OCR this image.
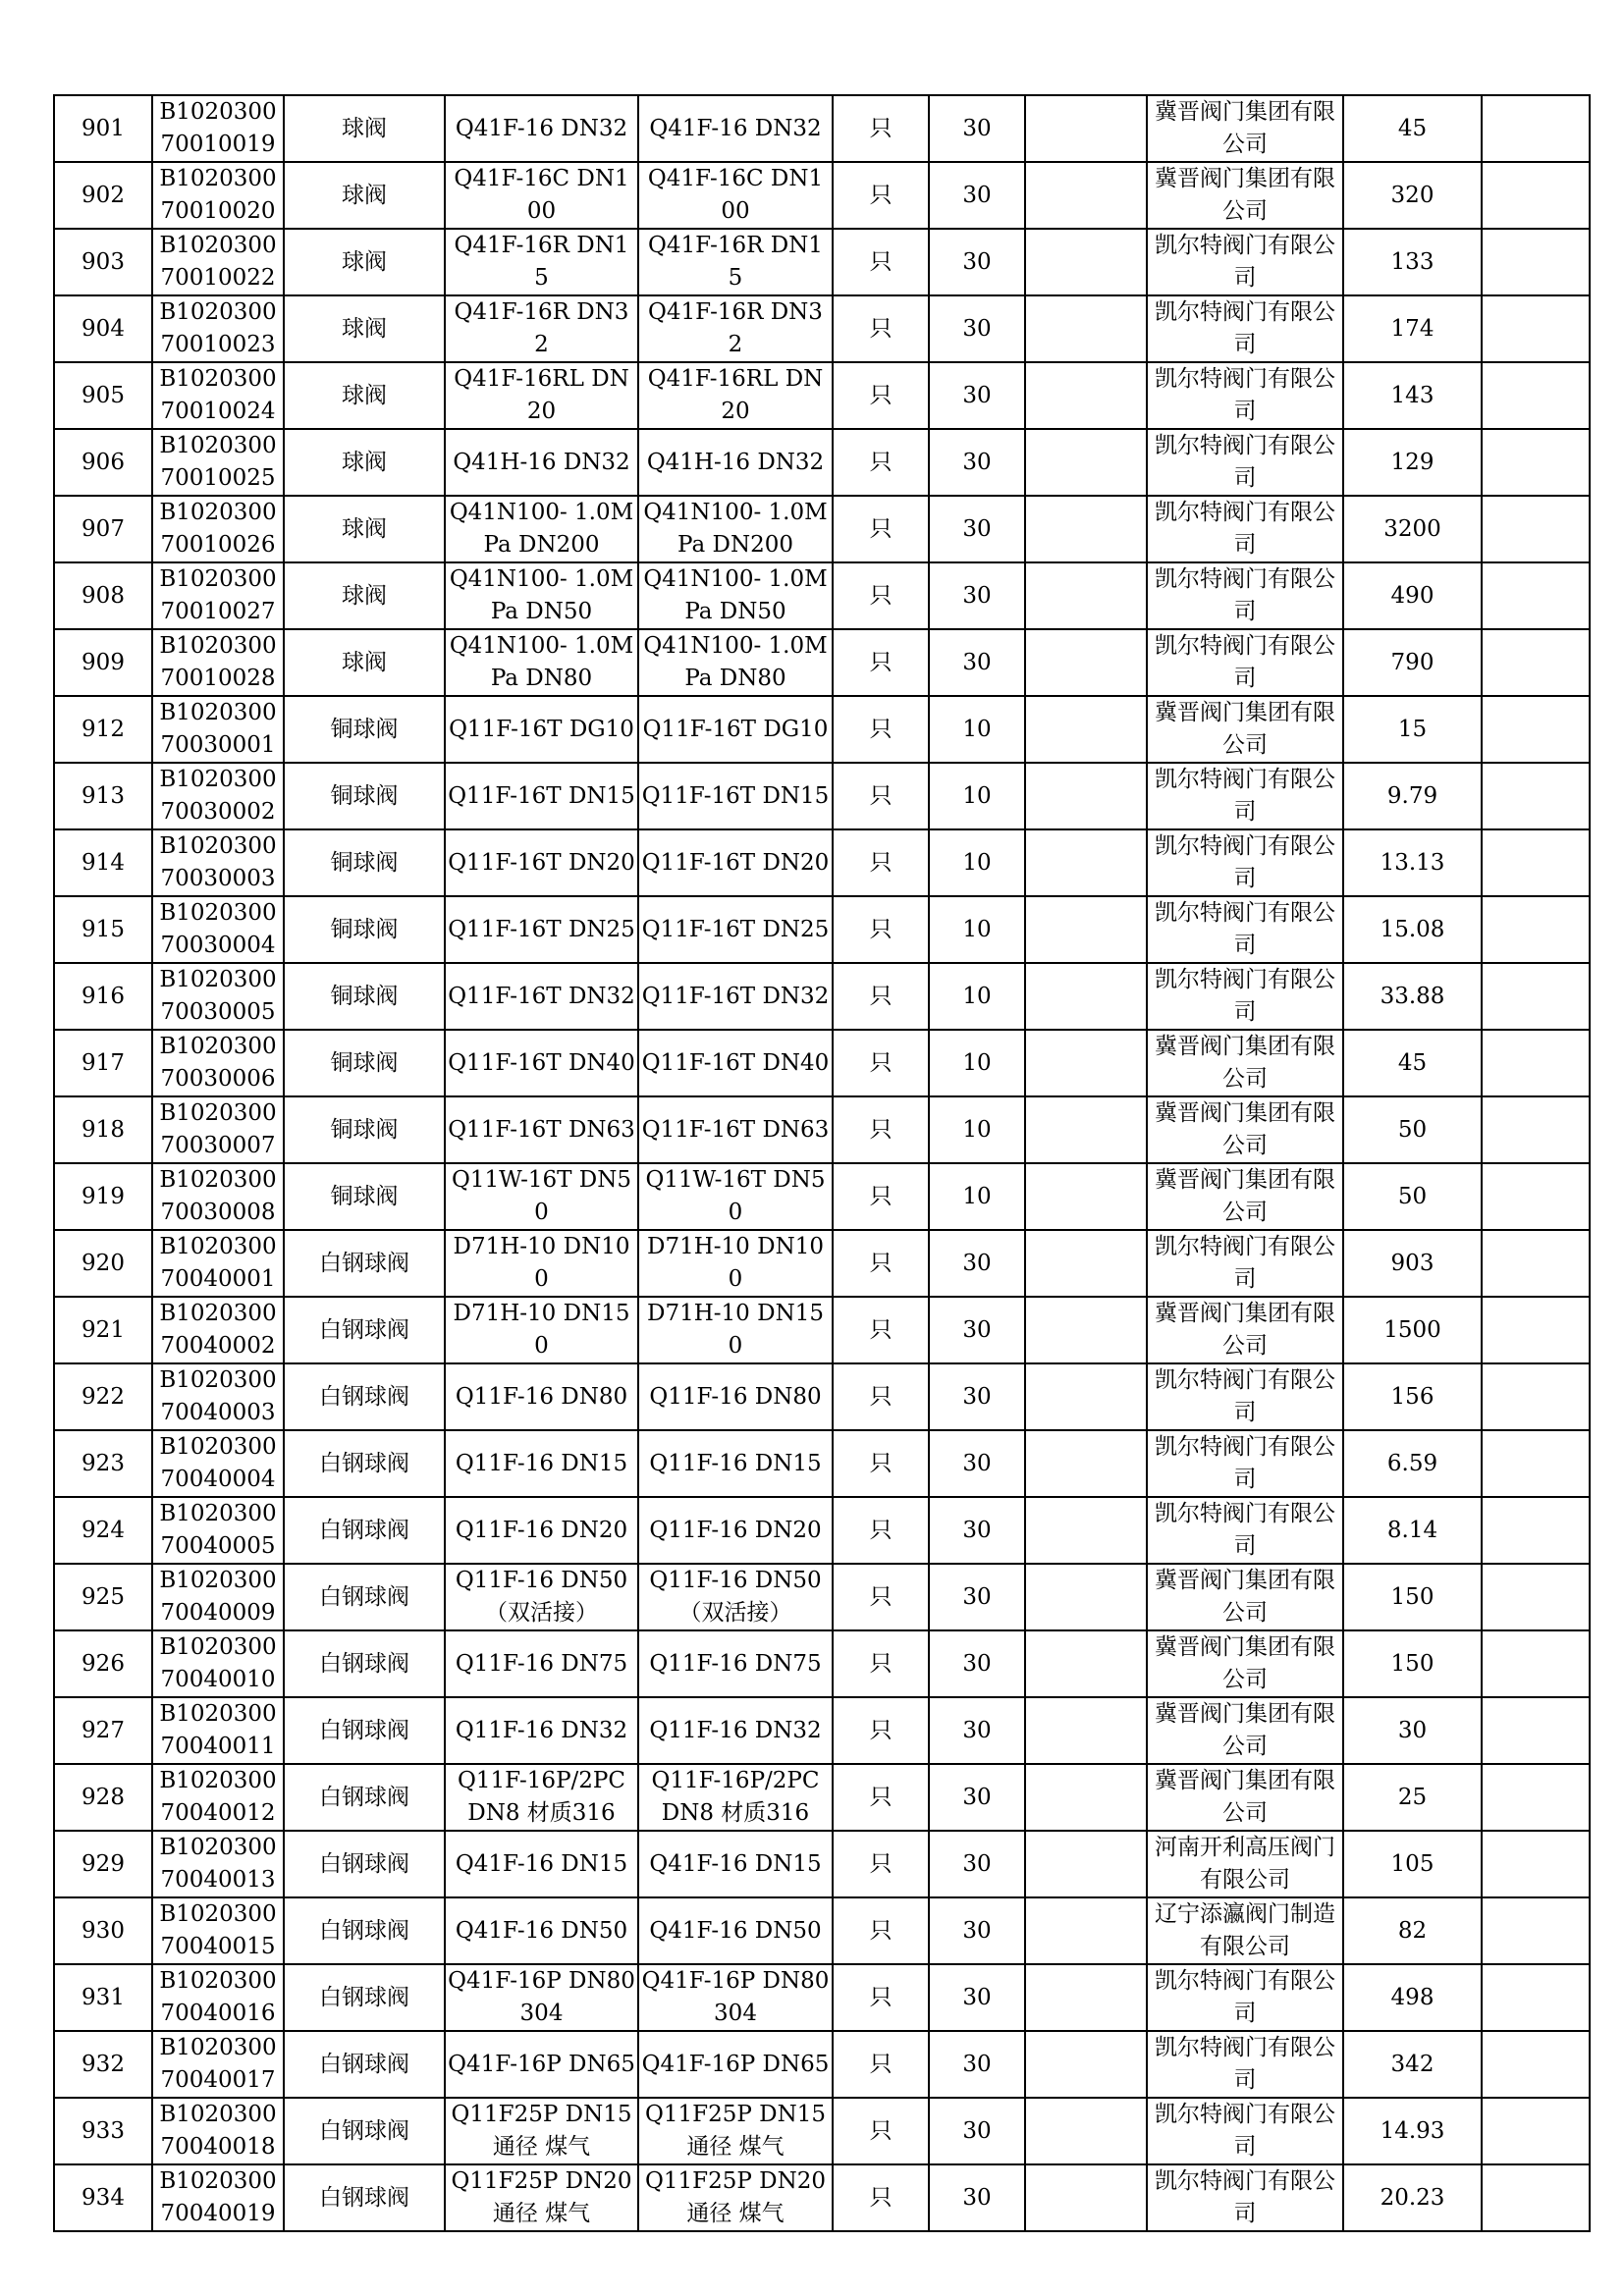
901	B1020300 70010019	球阀	Q41F-16 DN32	Q41F-16 DN32	只	30		冀晋阀门集团有限公司	45	
902	B1020300 70010020	球阀	Q41F-16C DN100	Q41F-16C DN100	只	30		冀晋阀门集团有限公司	320	
903	B1020300 70010022	球阀	Q41F-16R DN15	Q41F-16R DN15	只	30		凯尔特阀门有限公司	133	
904	B1020300 70010023	球阀	Q41F-16R DN32	Q41F-16R DN32	只	30		凯尔特阀门有限公司	174	
905	B1020300 70010024	球阀	Q41F-16RL DN20	Q41F-16RL DN20	只	30		凯尔特阀门有限公司	143	
906	B1020300 70010025	球阀	Q41H-16 DN32	Q41H-16 DN32	只	30		凯尔特阀门有限公司	129	
907	B1020300 70010026	球阀	Q41N100- 1.0MPa DN200	Q41N100- 1.0MPa DN200	只	30		凯尔特阀门有限公司	3200	
908	B1020300 70010027	球阀	Q41N100- 1.0MPa DN50	Q41N100- 1.0MPa DN50	只	30		凯尔特阀门有限公司	490	
909	B1020300 70010028	球阀	Q41N100- 1.0MPa DN80	Q41N100- 1.0MPa DN80	只	30		凯尔特阀门有限公司	790	
912	B1020300 70030001	铜球阀	Q11F-16T DG10	Q11F-16T DG10	只	10		冀晋阀门集团有限公司	15	
913	B1020300 70030002	铜球阀	Q11F-16T DN15	Q11F-16T DN15	只	10		凯尔特阀门有限公司	9.79	
914	B1020300 70030003	铜球阀	Q11F-16T DN20	Q11F-16T DN20	只	10		凯尔特阀门有限公司	13.13	
915	B1020300 70030004	铜球阀	Q11F-16T DN25	Q11F-16T DN25	只	10		凯尔特阀门有限公司	15.08	
916	B1020300 70030005	铜球阀	Q11F-16T DN32	Q11F-16T DN32	只	10		凯尔特阀门有限公司	33.88	
917	B1020300 70030006	铜球阀	Q11F-16T DN40	Q11F-16T DN40	只	10		冀晋阀门集团有限公司	45	
918	B1020300 70030007	铜球阀	Q11F-16T DN63	Q11F-16T DN63	只	10		冀晋阀门集团有限公司	50	
919	B1020300 70030008	铜球阀	Q11W-16T DN50	Q11W-16T DN50	只	10		冀晋阀门集团有限公司	50	
920	B1020300 70040001	白钢球阀	D71H-10 DN100	D71H-10 DN100	只	30		凯尔特阀门有限公司	903	
921	B1020300 70040002	白钢球阀	D71H-10 DN150	D71H-10 DN150	只	30		冀晋阀门集团有限公司	1500	
922	B1020300 70040003	白钢球阀	Q11F-16 DN80	Q11F-16 DN80	只	30		凯尔特阀门有限公司	156	
923	B1020300 70040004	白钢球阀	Q11F-16 DN15	Q11F-16 DN15	只	30		凯尔特阀门有限公司	6.59	
924	B1020300 70040005	白钢球阀	Q11F-16 DN20	Q11F-16 DN20	只	30		凯尔特阀门有限公司	8.14	
925	B1020300 70040009	白钢球阀	Q11F-16 DN50 （双活接）	Q11F-16 DN50 （双活接）	只	30		冀晋阀门集团有限公司	150	
926	B1020300 70040010	白钢球阀	Q11F-16 DN75	Q11F-16 DN75	只	30		冀晋阀门集团有限公司	150	
927	B1020300 70040011	白钢球阀	Q11F-16 DN32	Q11F-16 DN32	只	30		冀晋阀门集团有限公司	30	
928	B1020300 70040012	白钢球阀	Q11F-16P/2PC DN8 材质316	Q11F-16P/2PC DN8 材质316	只	30		冀晋阀门集团有限公司	25	
929	B1020300 70040013	白钢球阀	Q41F-16 DN15	Q41F-16 DN15	只	30		河南开利高压阀门有限公司	105	
930	B1020300 70040015	白钢球阀	Q41F-16 DN50	Q41F-16 DN50	只	30		辽宁添瀛阀门制造有限公司	82	
931	B1020300 70040016	白钢球阀	Q41F-16P DN80 304	Q41F-16P DN80 304	只	30		凯尔特阀门有限公司	498	
932	B1020300 70040017	白钢球阀	Q41F-16P DN65	Q41F-16P DN65	只	30		凯尔特阀门有限公司	342	
933	B1020300 70040018	白钢球阀	Q11F25P DN15 通径 煤气	Q11F25P DN15 通径 煤气	只	30		凯尔特阀门有限公司	14.93	
934	B1020300 70040019	白钢球阀	Q11F25P DN20 通径 煤气	Q11F25P DN20 通径 煤气	只	30		凯尔特阀门有限公司	20.23	
